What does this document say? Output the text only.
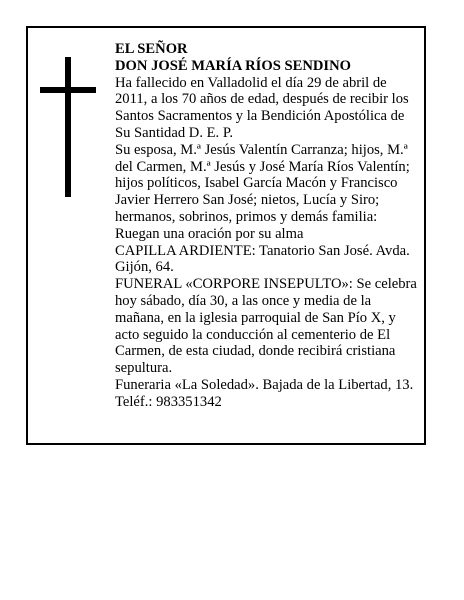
EL SEÑOR

DON JOSÉ MARÍA RÍOS SENDINO

Ha fallecido en Valladolid el día 29 de abril de 2011, a los 70 años de edad, después de recibir los Santos Sacramentos y la Bendición Apostólica de Su Santidad D. E. P.

Su esposa, M.ª Jesús Valentín Carranza; hijos, M.ª del Carmen, M.ª Jesús y José María Ríos Valentín; hijos políticos, Isabel García Macón y Francisco Javier Herrero San José; nietos, Lucía y Siro; hermanos, sobrinos, primos y demás familia:

Ruegan una oración por su alma

CAPILLA ARDIENTE: Tanatorio San José. Avda. Gijón, 64.

FUNERAL «CORPORE INSEPULTO»: Se celebra hoy sábado, día 30, a las once y media de la mañana, en la iglesia parroquial de San Pío X, y acto seguido la conducción al cementerio de El Carmen, de esta ciudad, donde recibirá cristiana sepultura.

Funeraria «La Soledad». Bajada de la Libertad, 13. Teléf.: 983351342
